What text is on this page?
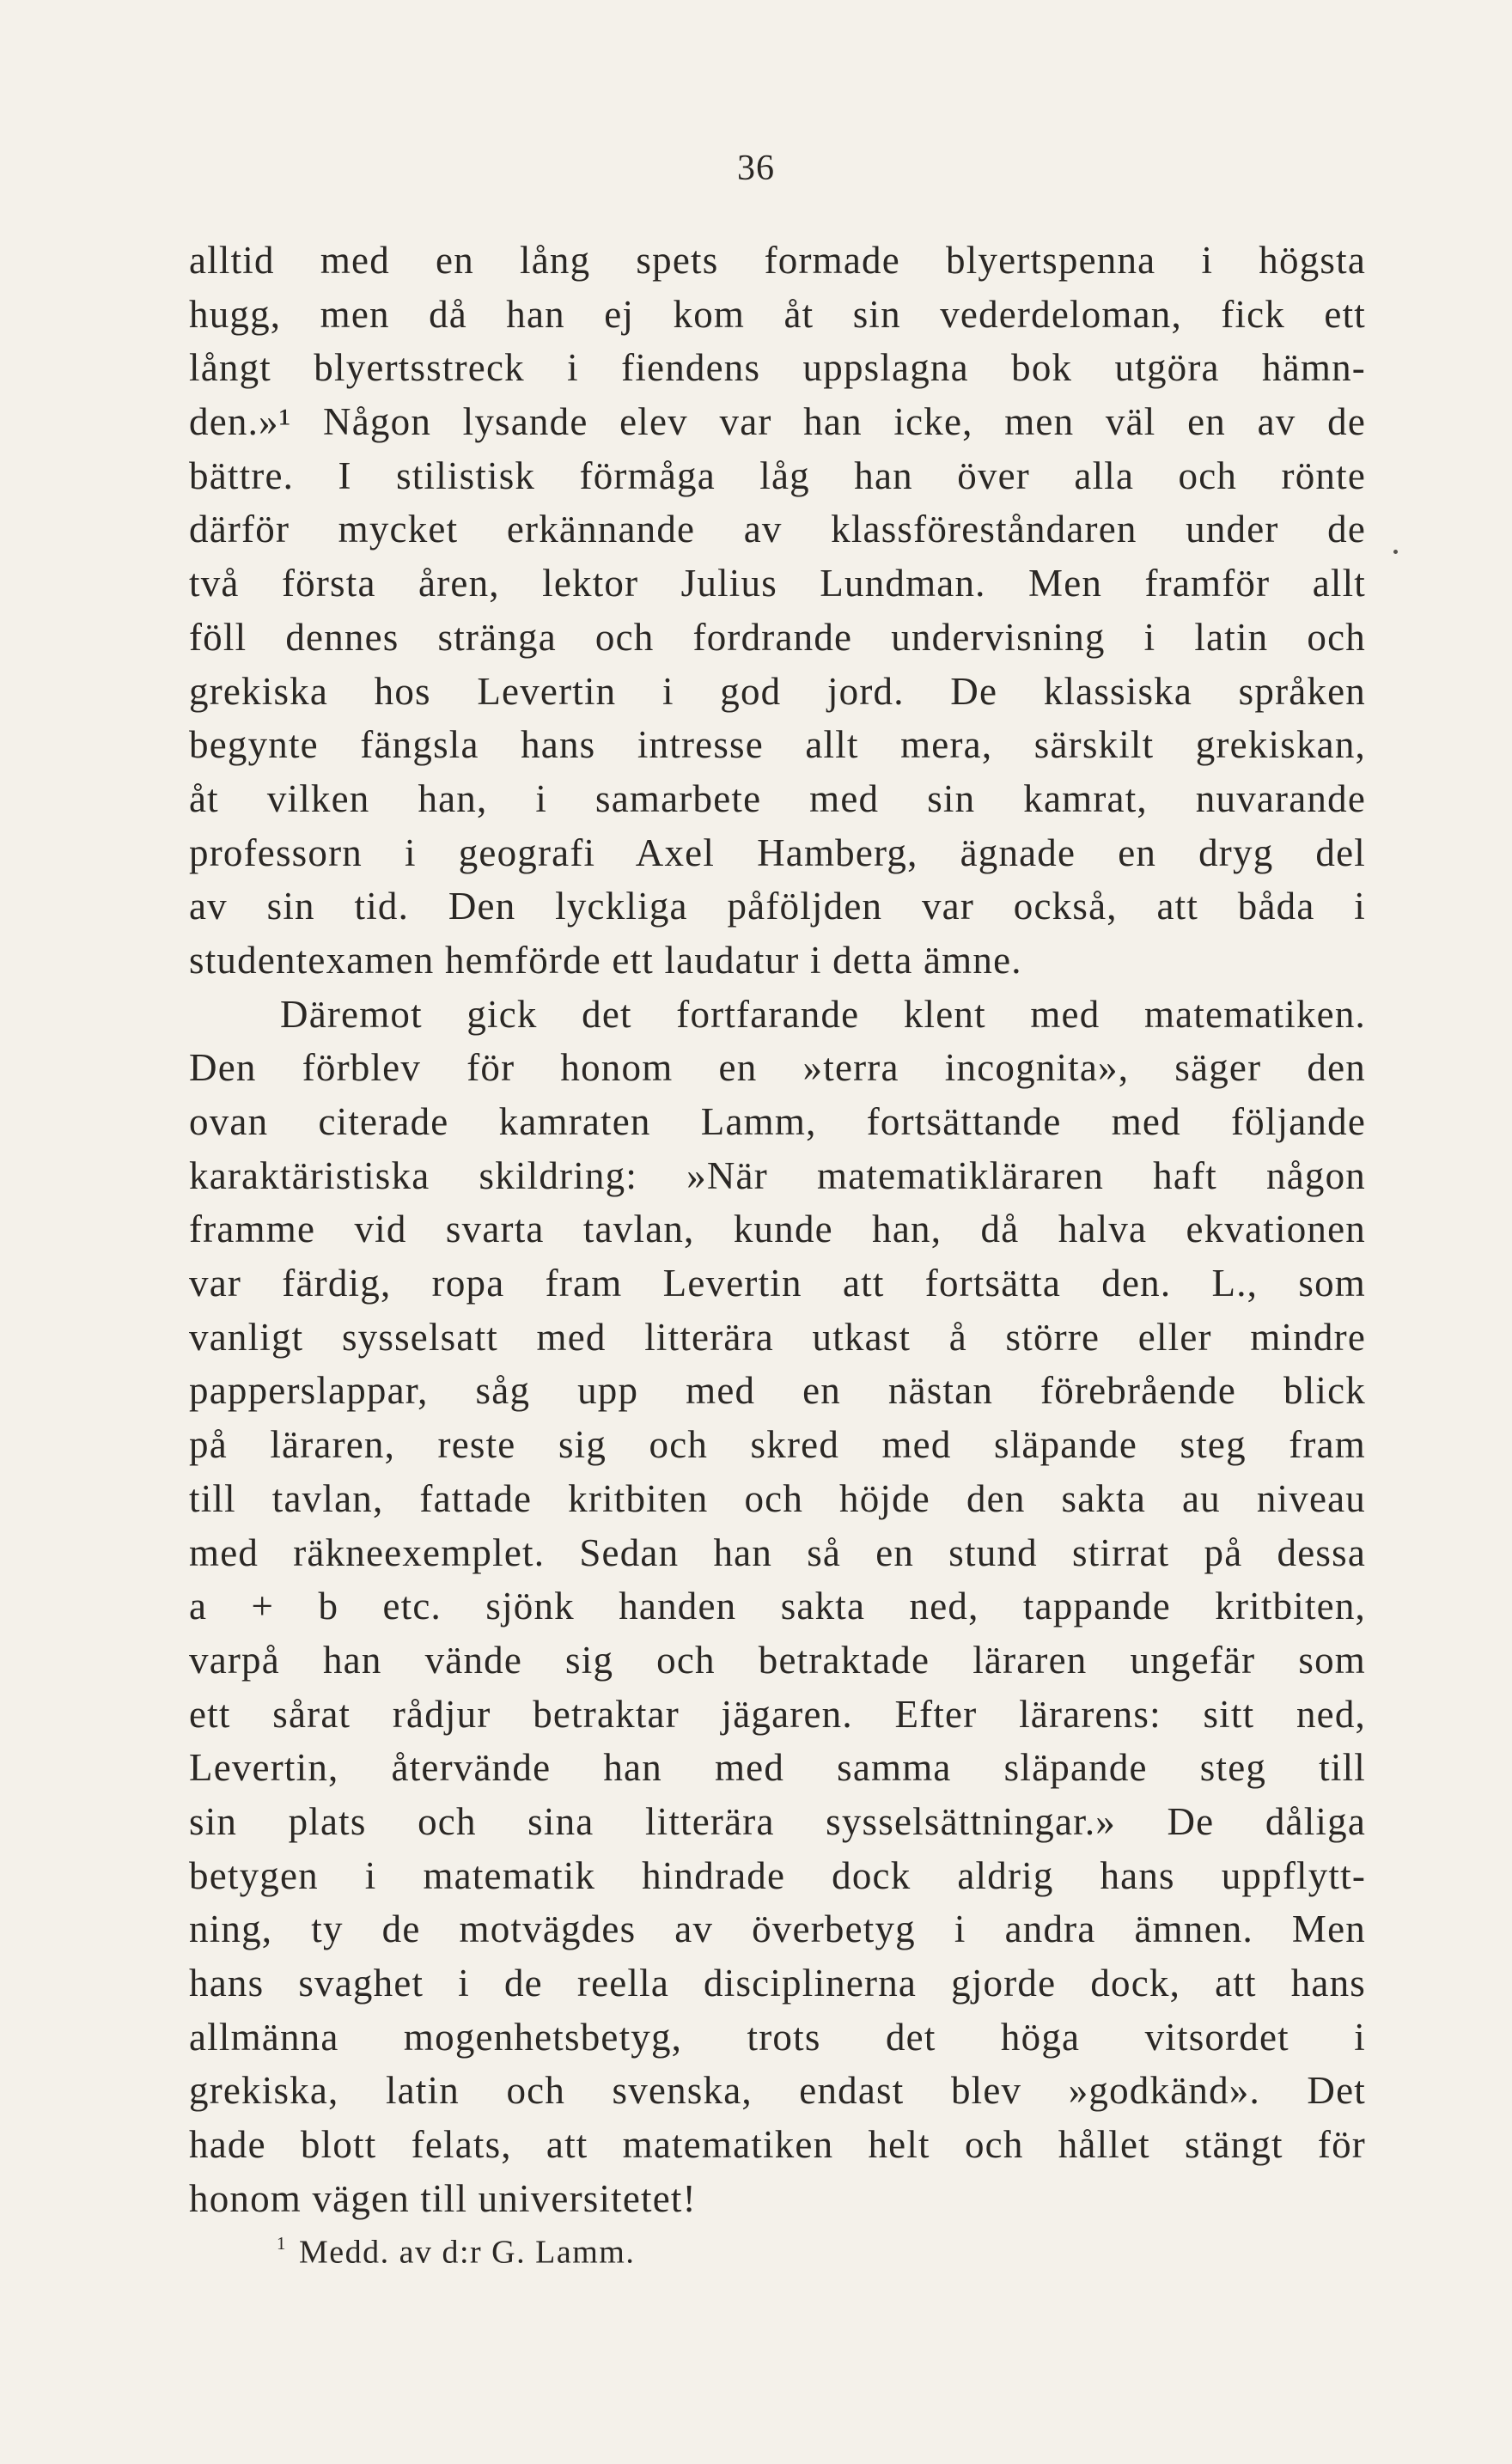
36
alltid med en lång spets formade blyertspenna i högsta
hugg, men då han ej kom åt sin vederdeloman, fick ett
långt blyertsstreck i fiendens uppslagna bok utgöra hämn-
den.»¹ Någon lysande elev var han icke, men väl en av de
bättre. I stilistisk förmåga låg han över alla och rönte
därför mycket erkännande av klassföreståndaren under de
två första åren, lektor Julius Lundman. Men framför allt
föll dennes stränga och fordrande undervisning i latin och
grekiska hos Levertin i god jord. De klassiska språken
begynte fängsla hans intresse allt mera, särskilt grekiskan,
åt vilken han, i samarbete med sin kamrat, nuvarande
professorn i geografi Axel Hamberg, ägnade en dryg del
av sin tid. Den lyckliga påföljden var också, att båda i
studentexamen hemförde ett laudatur i detta ämne.
Däremot gick det fortfarande klent med matematiken.
Den förblev för honom en »terra incognita», säger den
ovan citerade kamraten Lamm, fortsättande med följande
karaktäristiska skildring: »När matematikläraren haft någon
framme vid svarta tavlan, kunde han, då halva ekvationen
var färdig, ropa fram Levertin att fortsätta den. L., som
vanligt sysselsatt med litterära utkast å större eller mindre
papperslappar, såg upp med en nästan förebrående blick
på läraren, reste sig och skred med släpande steg fram
till tavlan, fattade kritbiten och höjde den sakta au niveau
med räkneexemplet. Sedan han så en stund stirrat på dessa
a + b etc. sjönk handen sakta ned, tappande kritbiten,
varpå han vände sig och betraktade läraren ungefär som
ett sårat rådjur betraktar jägaren. Efter lärarens: sitt ned,
Levertin, återvände han med samma släpande steg till
sin plats och sina litterära sysselsättningar.» De dåliga
betygen i matematik hindrade dock aldrig hans uppflytt-
ning, ty de motvägdes av överbetyg i andra ämnen. Men
hans svaghet i de reella disciplinerna gjorde dock, att hans
allmänna mogenhetsbetyg, trots det höga vitsordet i
grekiska, latin och svenska, endast blev »godkänd». Det
hade blott felats, att matematiken helt och hållet stängt för
honom vägen till universitetet!
1 Medd. av d:r G. Lamm.
